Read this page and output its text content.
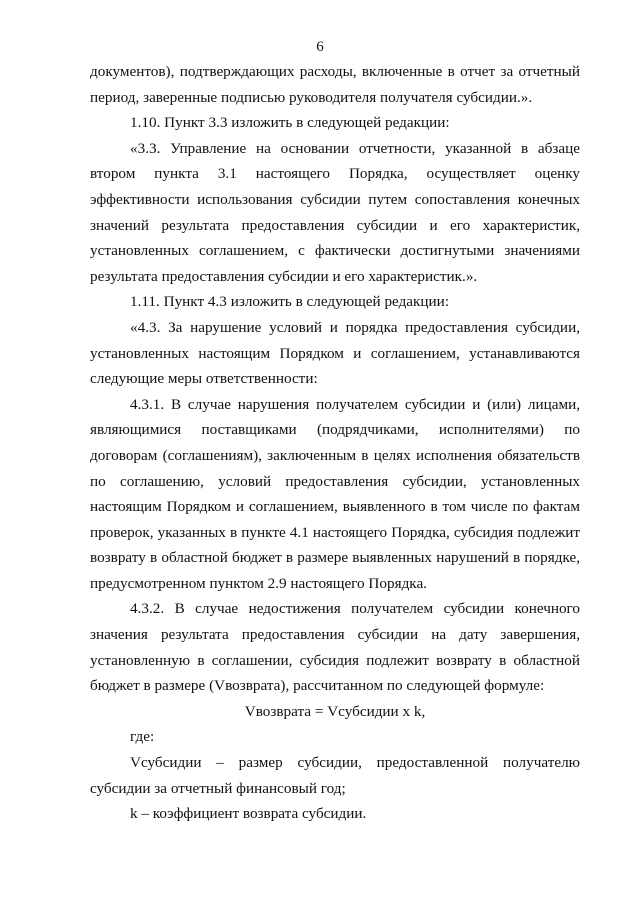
6

документов), подтверждающих расходы, включенные в отчет за отчетный период, заверенные подписью руководителя получателя субсидии.».

1.10. Пункт 3.3 изложить в следующей редакции:

«3.3. Управление на основании отчетности, указанной в абзаце втором пункта 3.1 настоящего Порядка, осуществляет оценку эффективности использования субсидии путем сопоставления конечных значений результата предоставления субсидии и его характеристик, установленных соглашением, с фактически достигнутыми значениями результата предоставления субсидии и его характеристик.».

1.11. Пункт 4.3 изложить в следующей редакции:

«4.3. За нарушение условий и порядка предоставления субсидии, установленных настоящим Порядком и соглашением, устанавливаются следующие меры ответственности:

4.3.1. В случае нарушения получателем субсидии и (или) лицами, являющимися поставщиками (подрядчиками, исполнителями) по договорам (соглашениям), заключенным в целях исполнения обязательств по соглашению, условий предоставления субсидии, установленных настоящим Порядком и соглашением, выявленного в том числе по фактам проверок, указанных в пункте 4.1 настоящего Порядка, субсидия подлежит возврату в областной бюджет в размере выявленных нарушений в порядке, предусмотренном пунктом 2.9 настоящего Порядка.

4.3.2. В случае недостижения получателем субсидии конечного значения результата предоставления субсидии на дату завершения, установленную в соглашении, субсидия подлежит возврату в областной бюджет в размере (Vвозврата), рассчитанном по следующей формуле:

Vвозврата = Vсубсидии x k,

где:

Vсубсидии – размер субсидии, предоставленной получателю субсидии за отчетный финансовый год;

k – коэффициент возврата субсидии.
